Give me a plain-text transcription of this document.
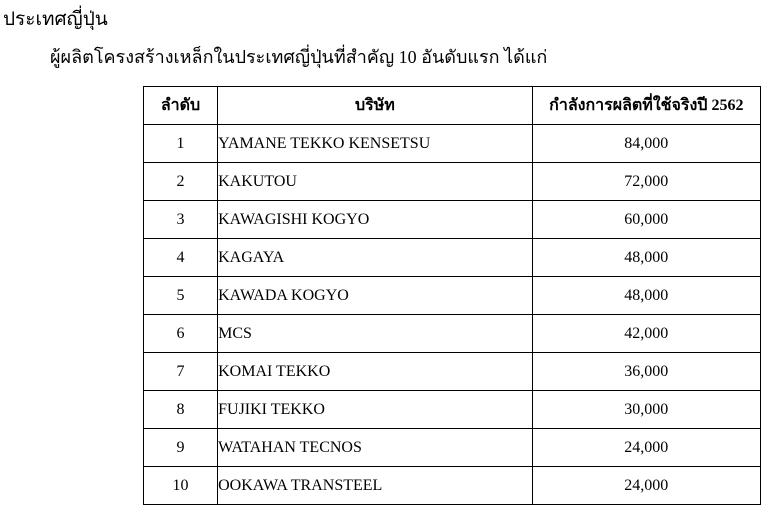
ประเทศญี่ปุ่น
ผู้ผลิตโครงสร้างเหล็กในประเทศญี่ปุ่นที่สำคัญ 10 อันดับแรก ได้แก่
ลำดับ	บริษัท	กำลังการผลิตที่ใช้จริงปี 2562
1	YAMANE TEKKO KENSETSU	84,000
2	KAKUTOU	72,000
3	KAWAGISHI KOGYO	60,000
4	KAGAYA	48,000
5	KAWADA KOGYO	48,000
6	MCS	42,000
7	KOMAI TEKKO	36,000
8	FUJIKI TEKKO	30,000
9	WATAHAN TECNOS	24,000
10	OOKAWA TRANSTEEL	24,000
